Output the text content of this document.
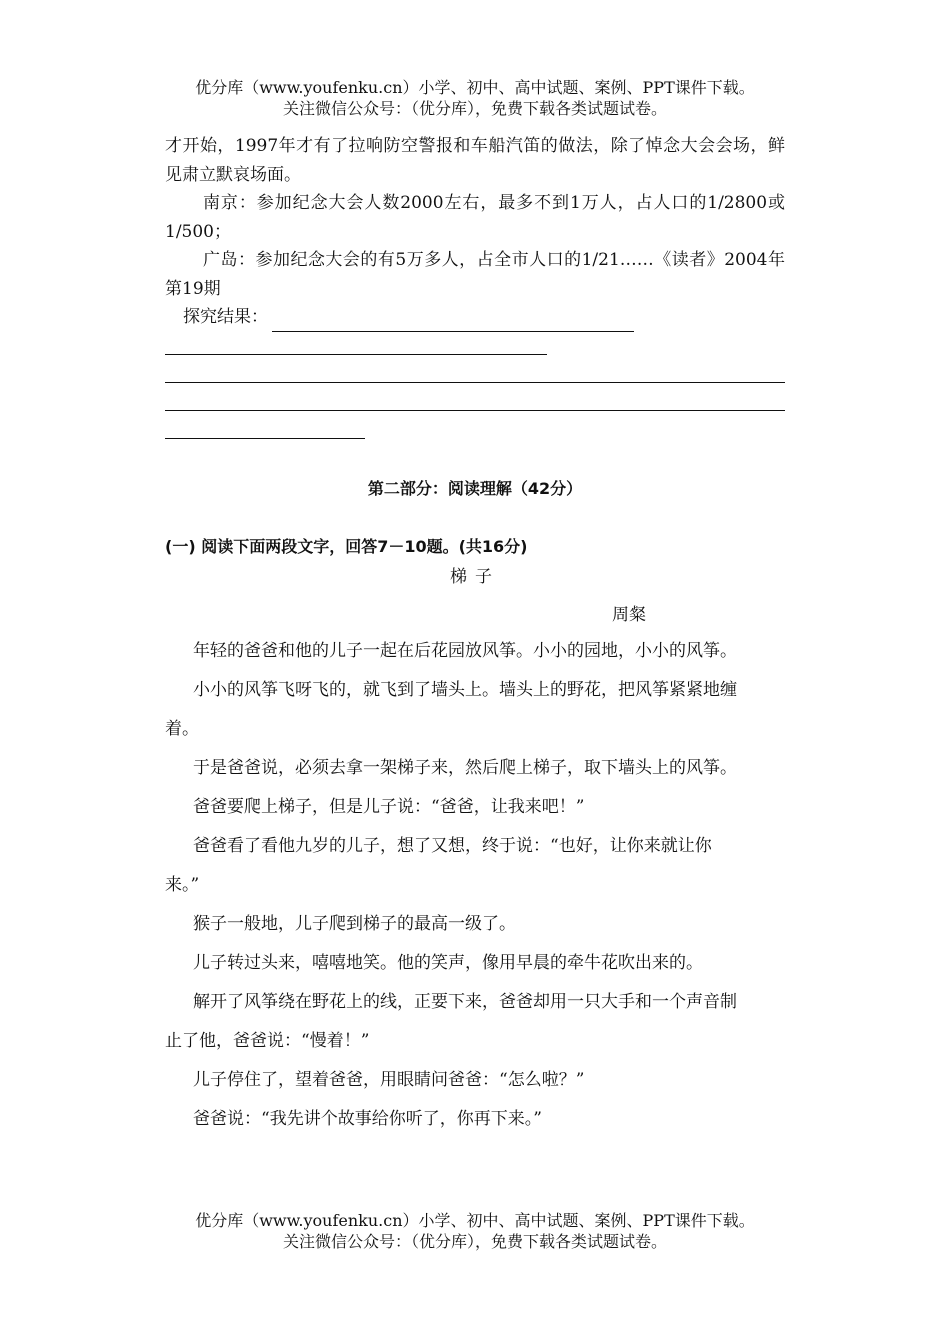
优分库（www.youfenku.cn）小学、初中、高中试题、案例、PPT课件下载。
关注微信公众号：（优分库），免费下载各类试题试卷。

才开始，1997年才有了拉响防空警报和车船汽笛的做法，除了悼念大会会场，鲜见肃立默哀场面。

南京：参加纪念大会人数2000左右，最多不到1万人，占人口的1/2800或1/500；

广岛：参加纪念大会的有5万多人，占全市人口的1/21……《读者》2004年第19期

探究结果：
第二部分：阅读理解（42分）
(一) 阅读下面两段文字，回答7－10题。(共16分)
梯子
周粲

年轻的爸爸和他的儿子一起在后花园放风筝。小小的园地，小小的风筝。

小小的风筝飞呀飞的，就飞到了墙头上。墙头上的野花，把风筝紧紧地缠

着。

于是爸爸说，必须去拿一架梯子来，然后爬上梯子，取下墙头上的风筝。

爸爸要爬上梯子，但是儿子说：“爸爸，让我来吧！”

爸爸看了看他九岁的儿子，想了又想，终于说：“也好，让你来就让你

来。”

猴子一般地，儿子爬到梯子的最高一级了。

儿子转过头来，嘻嘻地笑。他的笑声，像用早晨的牵牛花吹出来的。

解开了风筝绕在野花上的线，正要下来，爸爸却用一只大手和一个声音制

止了他，爸爸说：“慢着！”

儿子停住了，望着爸爸，用眼睛问爸爸：“怎么啦？”

爸爸说：“我先讲个故事给你听了，你再下来。”

优分库（www.youfenku.cn）小学、初中、高中试题、案例、PPT课件下载。
关注微信公众号：（优分库），免费下载各类试题试卷。
